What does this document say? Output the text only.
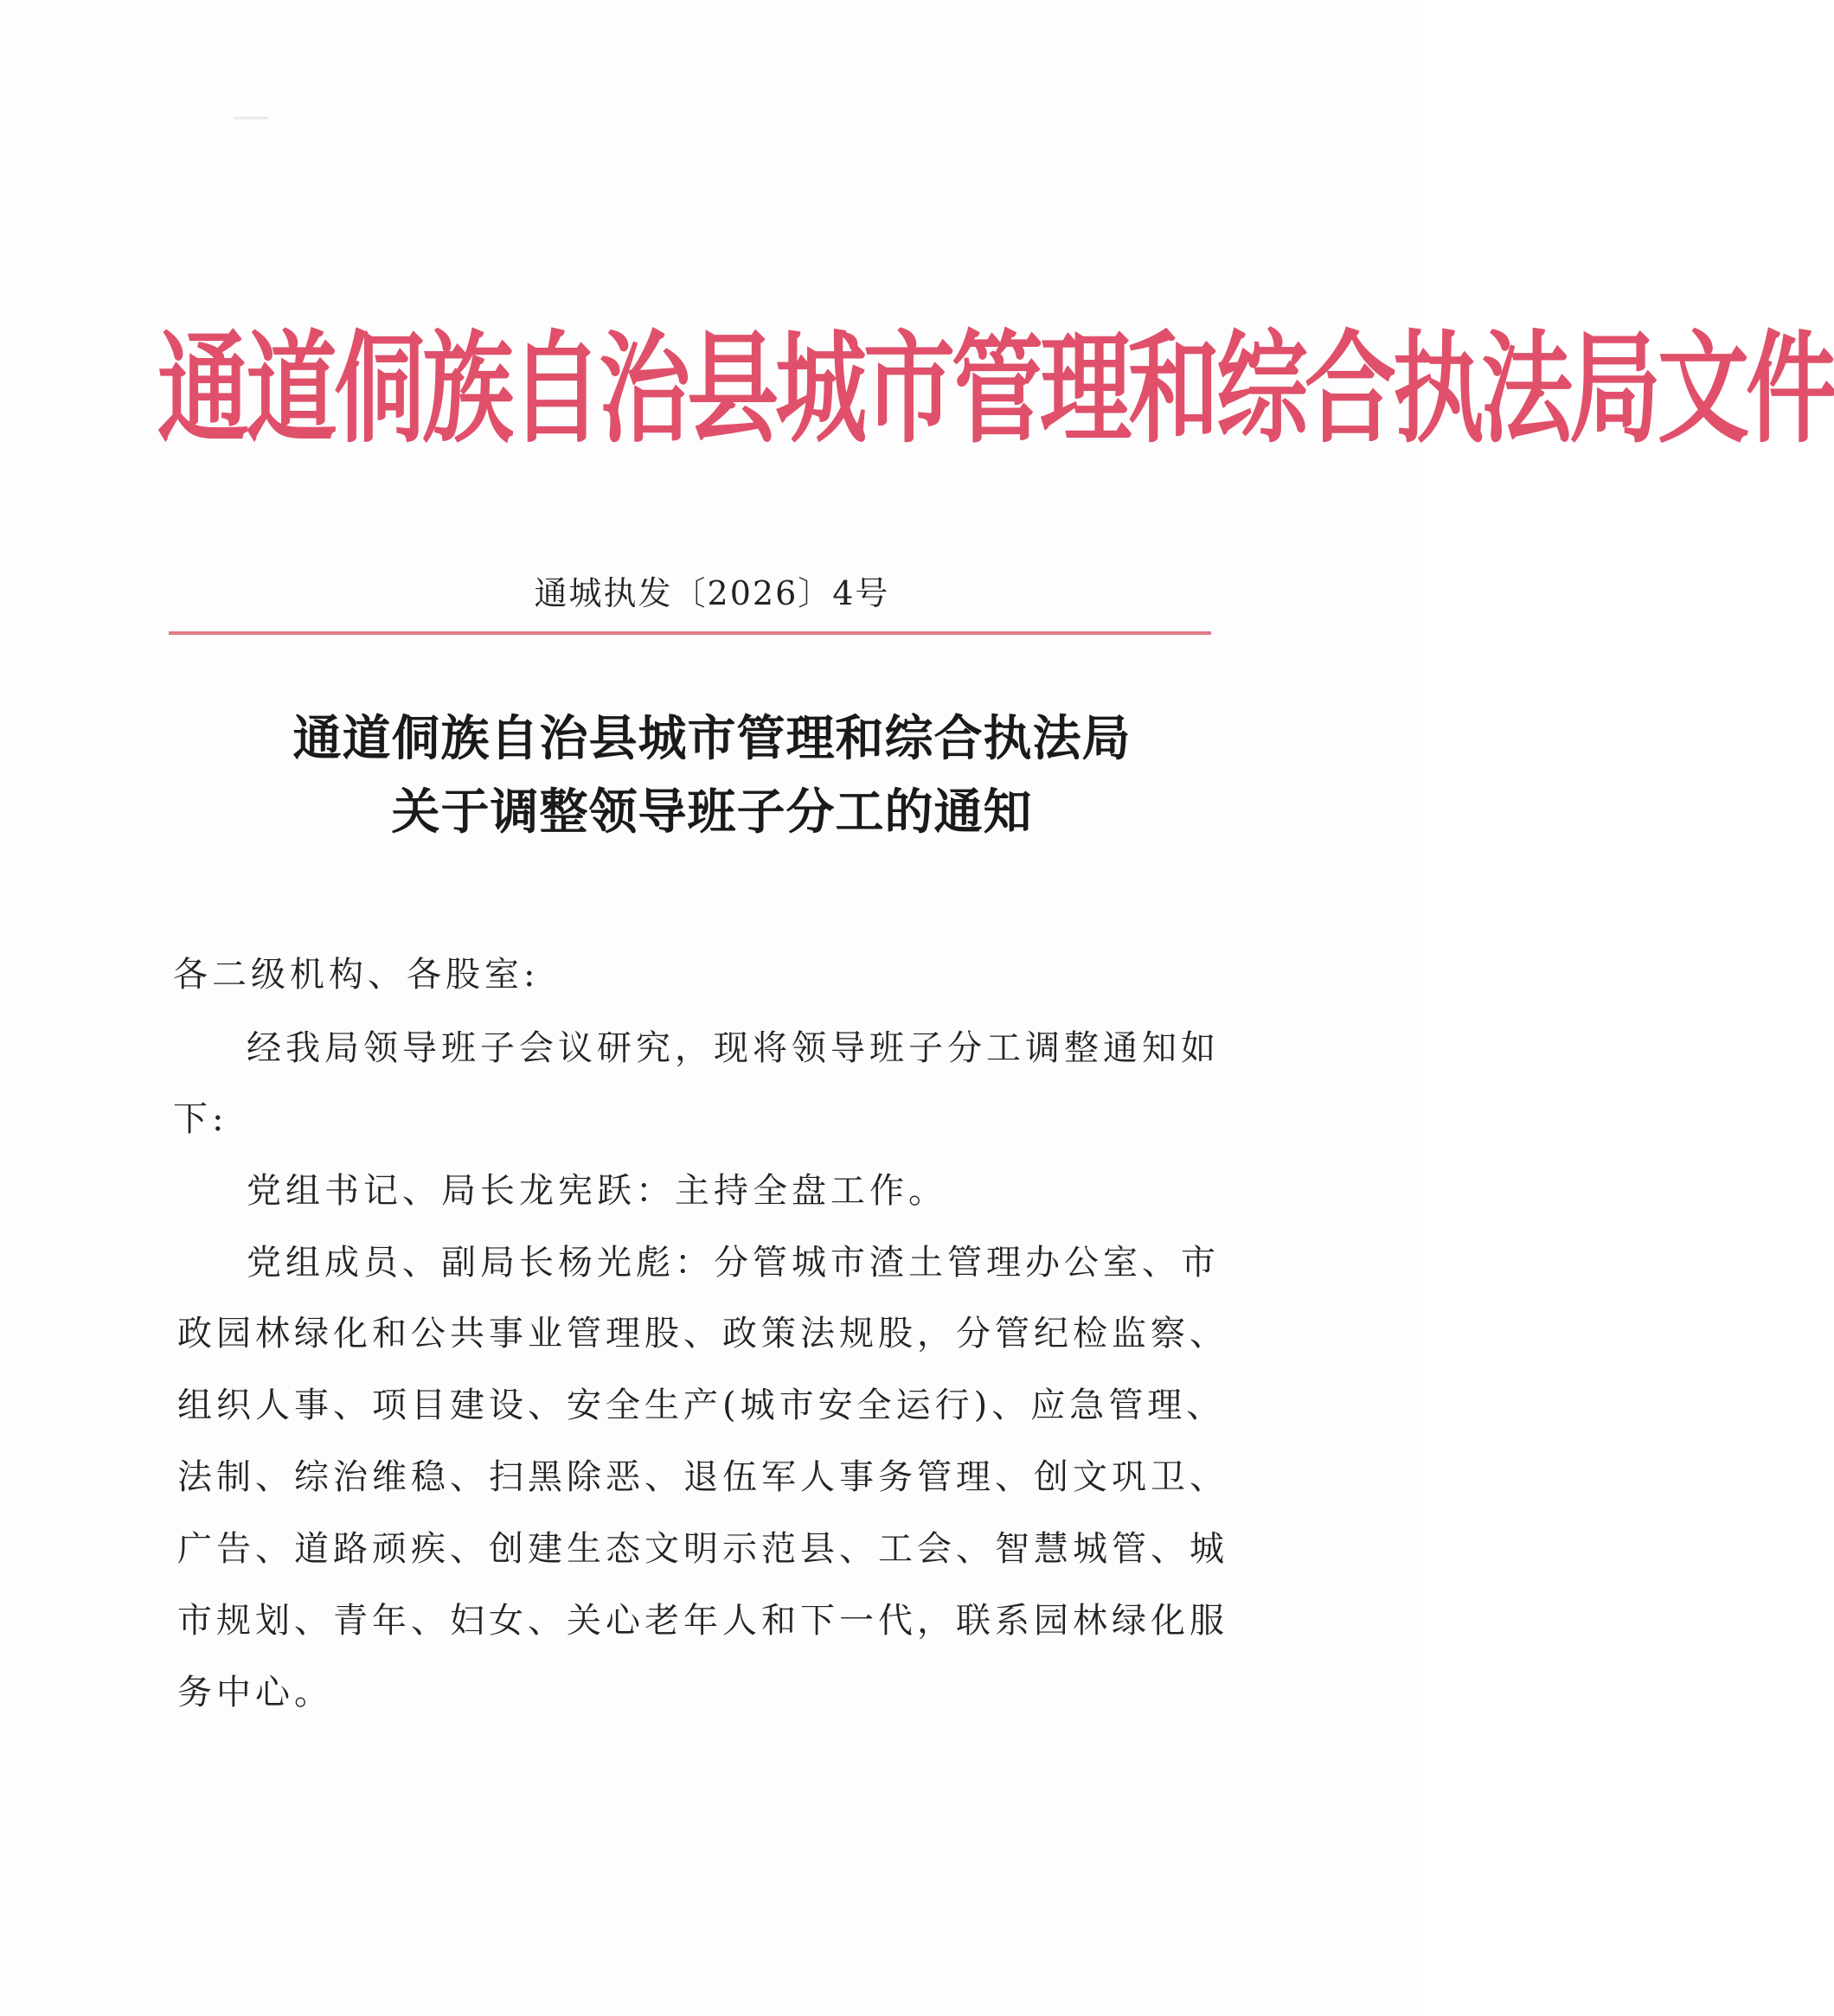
通道侗族自治县城市管理和综合执法局文件
通城执发〔2026〕4号
通道侗族自治县城市管理和综合执法局
关于调整领导班子分工的通知
各二级机构、各股室:
经我局领导班子会议研究，现将领导班子分工调整通知如
下:
党组书记、局长龙宪跃：主持全盘工作。
党组成员、副局长杨光彪：分管城市渣土管理办公室、市
政园林绿化和公共事业管理股、政策法规股，分管纪检监察、
组织人事、项目建设、安全生产(城市安全运行)、应急管理、
法制、综治维稳、扫黑除恶、退伍军人事务管理、创文巩卫、
广告、道路顽疾、创建生态文明示范县、工会、智慧城管、城
市规划、青年、妇女、关心老年人和下一代，联系园林绿化服
务中心。
